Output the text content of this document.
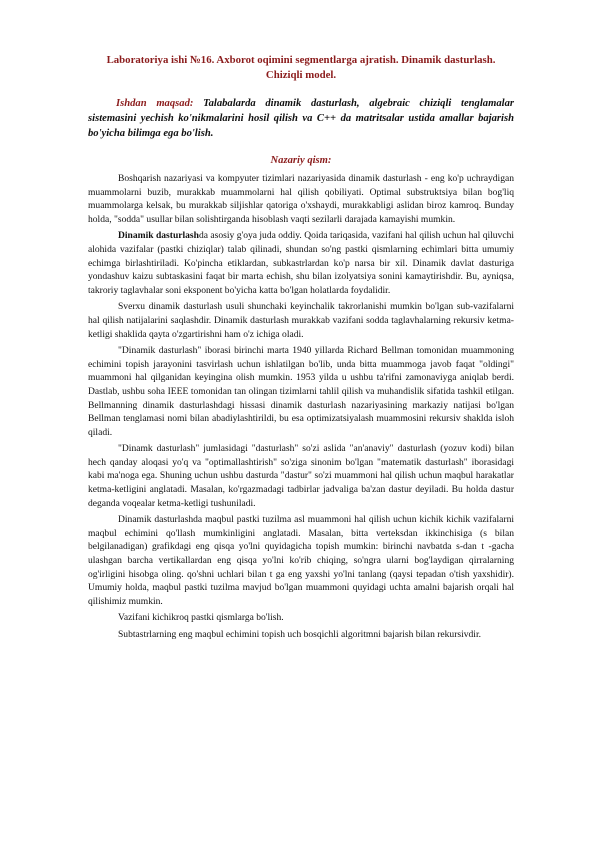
Laboratoriya ishi №16. Axborot oqimini segmentlarga ajratish. Dinamik dasturlash. Chiziqli model.
Ishdan maqsad: Talabalarda dinamik dasturlash, algebraic chiziqli tenglamalar sistemasini yechish ko'nikmalarini hosil qilish va C++ da matritsalar ustida amallar bajarish bo'yicha bilimga ega bo'lish.
Nazariy qism:

Boshqarish nazariyasi va kompyuter tizimlari nazariyasida dinamik dasturlash - eng ko'p uchraydigan muammolarni buzib, murakkab muammolarni hal qilish qobiliyati. Optimal substruktsiya bilan bog'liq muammolarga kelsak, bu murakkab siljishlar qatoriga o'xshaydi, murakkabligi aslidan biroz kamroq. Bunday holda, "sodda" usullar bilan solishtirganda hisoblash vaqti sezilarli darajada kamayishi mumkin.

Dinamik dasturlashda asosiy g'oya juda oddiy. Qoida tariqasida, vazifani hal qilish uchun hal qiluvchi alohida vazifalar (pastki chiziqlar) talab qilinadi, shundan so'ng pastki qismlarning echimlari bitta umumiy echimga birlashtiriladi. Ko'pincha etiklardan, subkastrlardan ko'p narsa bir xil. Dinamik davlat dasturiga yondashuv kaizu subtaskasini faqat bir marta echish, shu bilan izolyatsiya sonini kamaytirishdir. Bu, ayniqsa, takroriy taglavhalar soni eksponent bo'yicha katta bo'lgan holatlarda foydalidir.

Sverxu dinamik dasturlash usuli shunchaki keyinchalik takrorlanishi mumkin bo'lgan sub-vazifalarni hal qilish natijalarini saqlashdir. Dinamik dasturlash murakkab vazifani sodda taglavhalarning rekursiv ketma-ketligi shaklida qayta o'zgartirishni ham o'z ichiga oladi.

"Dinamik dasturlash" iborasi birinchi marta 1940 yillarda Richard Bellman tomonidan muammoning echimini topish jarayonini tasvirlash uchun ishlatilgan bo'lib, unda bitta muammoga javob faqat "oldingi" muammoni hal qilganidan keyingina olish mumkin. 1953 yilda u ushbu ta'rifni zamonaviyga aniqlab berdi. Dastlab, ushbu soha IEEE tomonidan tan olingan tizimlarni tahlil qilish va muhandislik sifatida tashkil etilgan. Bellmanning dinamik dasturlashdagi hissasi dinamik dasturlash nazariyasining markaziy natijasi bo'lgan Bellman tenglamasi nomi bilan abadiylashtirildi, bu esa optimizatsiyalash muammosini rekursiv shaklda isloh qiladi.

"Dinamk dasturlash" jumlasidagi "dasturlash" so'zi aslida "an'anaviy" dasturlash (yozuv kodi) bilan hech qanday aloqasi yo'q va "optimallashtirish" so'ziga sinonim bo'lgan "matematik dasturlash" iborasidagi kabi ma'noga ega. Shuning uchun ushbu dasturda "dastur" so'zi muammoni hal qilish uchun maqbul harakatlar ketma-ketligini anglatadi. Masalan, ko'rgazmadagi tadbirlar jadvaliga ba'zan dastur deyiladi. Bu holda dastur deganda voqealar ketma-ketligi tushuniladi.

Dinamik dasturlashda maqbul pastki tuzilma asl muammoni hal qilish uchun kichik kichik vazifalarni maqbul echimini qo'llash mumkinligini anglatadi. Masalan, bitta verteksdan ikkinchisiga (s bilan belgilanadigan) grafikdagi eng qisqa yo'lni quyidagicha topish mumkin: birinchi navbatda s-dan t -gacha ulashgan barcha vertikallardan eng qisqa yo'lni ko'rib chiqing, so'ngra ularni bog'laydigan qirralarning og'irligini hisobga oling. qo'shni uchlari bilan t ga eng yaxshi yo'lni tanlang (qaysi tepadan o'tish yaxshidir). Umumiy holda, maqbul pastki tuzilma mavjud bo'lgan muammoni quyidagi uchta amalni bajarish orqali hal qilishimiz mumkin.

Vazifani kichikroq pastki qismlarga bo'lish.

Subtastrlarning eng maqbul echimini topish uch bosqichli algoritmni bajarish bilan rekursivdir.
